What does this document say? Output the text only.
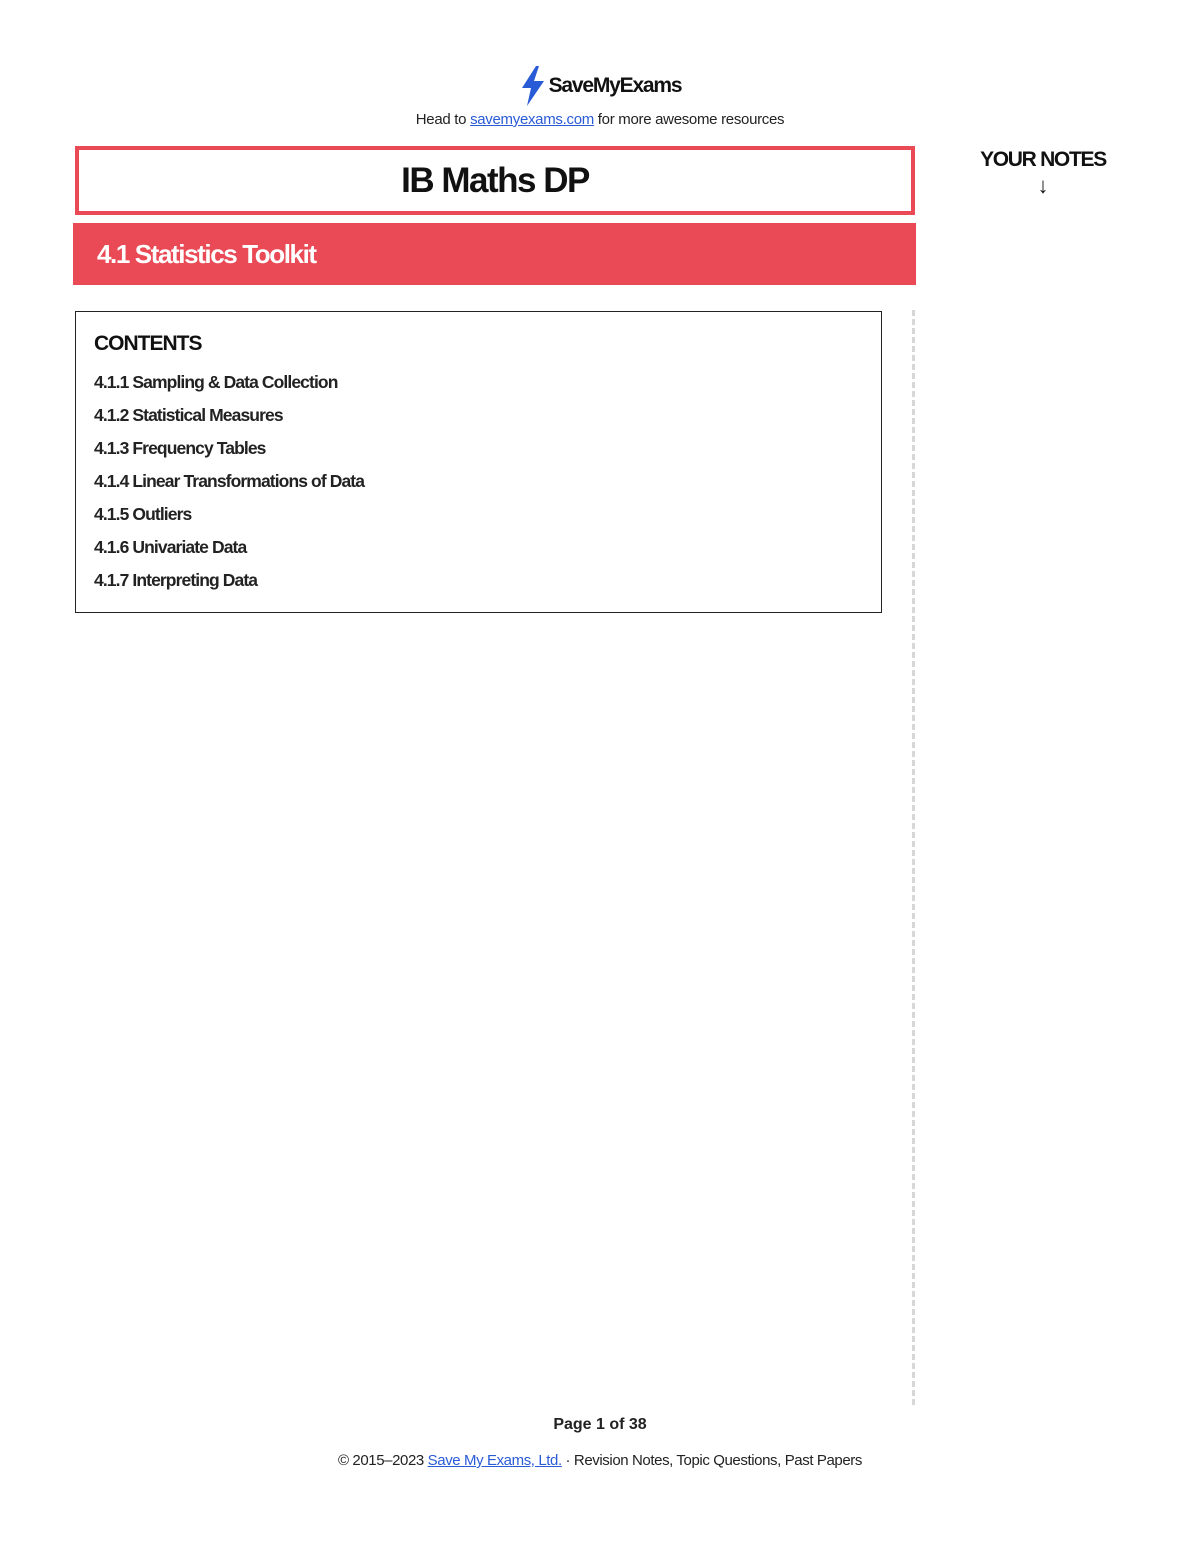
SaveMyExams
Head to savemyexams.com for more awesome resources
IB Maths DP
4.1 Statistics Toolkit
YOUR NOTES
↓
CONTENTS
4.1.1 Sampling & Data Collection
4.1.2 Statistical Measures
4.1.3 Frequency Tables
4.1.4 Linear Transformations of Data
4.1.5 Outliers
4.1.6 Univariate Data
4.1.7 Interpreting Data
Page 1 of 38
© 2015–2023 Save My Exams, Ltd. · Revision Notes, Topic Questions, Past Papers
